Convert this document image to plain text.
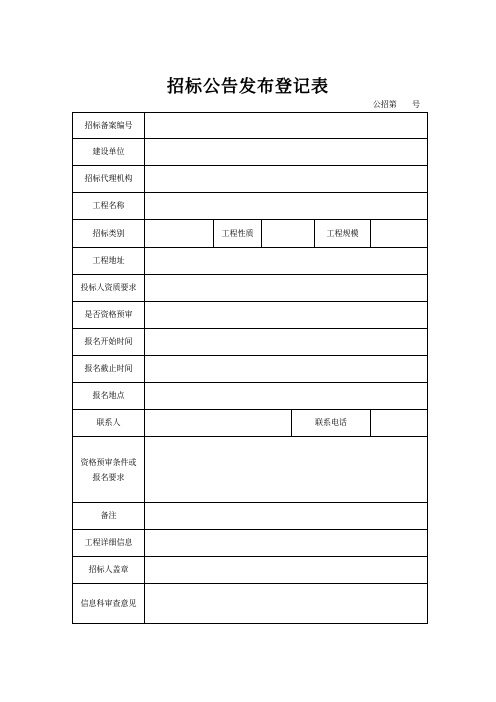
招标公告发布登记表
公招第      号
招标备案编号						
建设单位						
招标代理机构						
工程名称						
招标类别		工程性质			工程规模	
工程地址						
投标人资质要求						
是否资格预审						
报名开始时间						
报名截止时间						
报名地点						
联系人				联系电话		
资格预审条件或
报名要求						
备注						
工程详细信息						
招标人盖章						
信息科审查意见						
